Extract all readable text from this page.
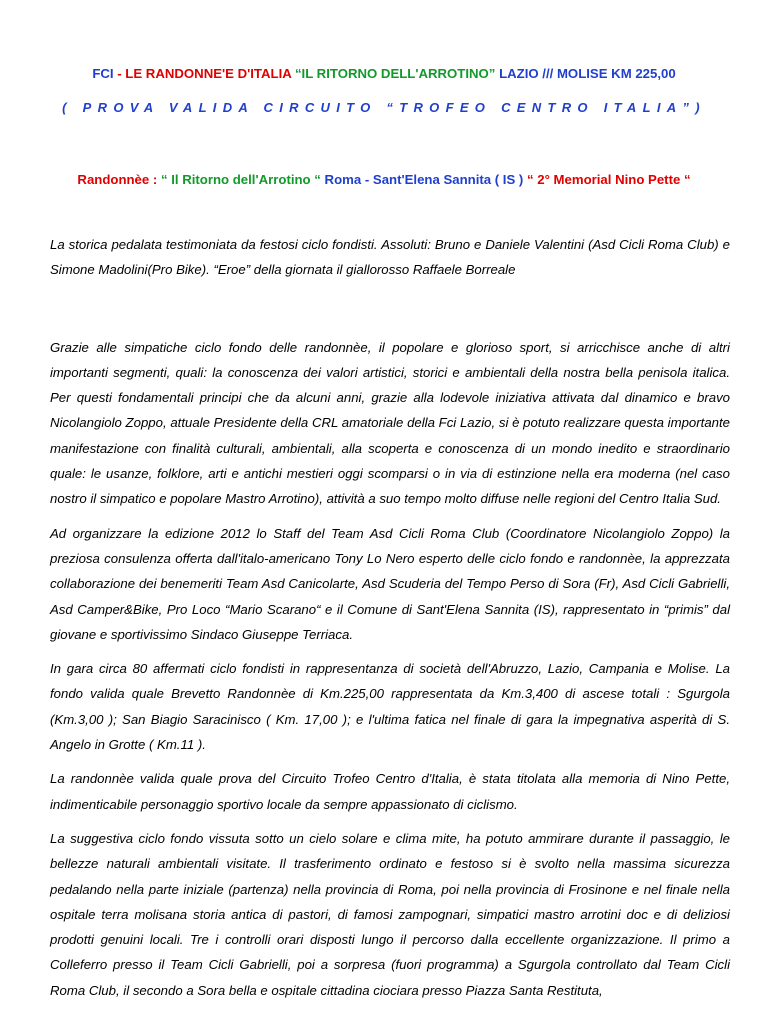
FCI - LE RANDONNE'E D'ITALIA “IL RITORNO DELL'ARROTINO” LAZIO /// MOLISE KM 225,00
( PROVA VALIDA CIRCUITO “TROFEO CENTRO ITALIA”)
Randonnèe : “ Il Ritorno dell'Arrotino “ Roma - Sant'Elena Sannita ( IS ) “ 2° Memorial Nino Pette “

La storica pedalata testimoniata da festosi ciclo fondisti. Assoluti: Bruno e Daniele Valentini (Asd Cicli Roma Club) e Simone Madolini(Pro Bike). “Eroe” della giornata il giallorosso Raffaele Borreale

Grazie alle simpatiche ciclo fondo delle randonnèe, il popolare e glorioso sport, si arricchisce anche di altri importanti segmenti, quali: la conoscenza dei valori artistici, storici e ambientali della nostra bella penisola italica. Per questi fondamentali principi che da alcuni anni, grazie alla lodevole iniziativa attivata dal dinamico e bravo Nicolangiolo Zoppo, attuale Presidente della CRL amatoriale della Fci Lazio, si è potuto realizzare questa importante manifestazione con finalità culturali, ambientali, alla scoperta e conoscenza di un mondo inedito e straordinario quale: le usanze, folklore, arti e antichi mestieri oggi scomparsi o in via di estinzione nella era moderna (nel caso nostro il simpatico e popolare Mastro Arrotino), attività a suo tempo molto diffuse nelle regioni del Centro Italia Sud.

Ad organizzare la edizione 2012 lo Staff del Team Asd Cicli Roma Club (Coordinatore Nicolangiolo Zoppo) la preziosa consulenza offerta dall'italo-americano Tony Lo Nero esperto delle ciclo fondo e randonnèe, la apprezzata collaborazione dei benemeriti Team Asd Canicolarte, Asd Scuderia del Tempo Perso di Sora (Fr), Asd Cicli Gabrielli, Asd Camper&Bike, Pro Loco “Mario Scarano“ e il Comune di Sant'Elena Sannita (IS), rappresentato in “primis” dal giovane e sportivissimo Sindaco Giuseppe Terriaca.

In gara circa 80 affermati ciclo fondisti in rappresentanza di società dell'Abruzzo, Lazio, Campania e Molise. La fondo valida quale Brevetto Randonnèe di Km.225,00 rappresentata da Km.3,400 di ascese totali : Sgurgola (Km.3,00 ); San Biagio Saracinisco ( Km. 17,00 ); e l'ultima fatica nel finale di gara la impegnativa asperità di S. Angelo in Grotte ( Km.11 ).

La randonnèe valida quale prova del Circuito Trofeo Centro d'Italia, è stata titolata alla memoria di Nino Pette, indimenticabile personaggio sportivo locale da sempre appassionato di ciclismo.

La suggestiva ciclo fondo vissuta sotto un cielo solare e clima mite, ha potuto ammirare durante il passaggio, le bellezze naturali ambientali visitate. Il trasferimento ordinato e festoso si è svolto nella massima sicurezza pedalando nella parte iniziale (partenza) nella provincia di Roma, poi nella provincia di Frosinone e nel finale nella ospitale terra molisana storia antica di pastori, di famosi zampognari, simpatici mastro arrotini doc e di deliziosi prodotti genuini locali. Tre i controlli orari disposti lungo il percorso dalla eccellente organizzazione. Il primo a Colleferro presso il Team Cicli Gabrielli, poi a sorpresa (fuori programma) a Sgurgola controllato dal Team Cicli Roma Club, il secondo a Sora bella e ospitale cittadina ciociara presso Piazza Santa Restituta,
